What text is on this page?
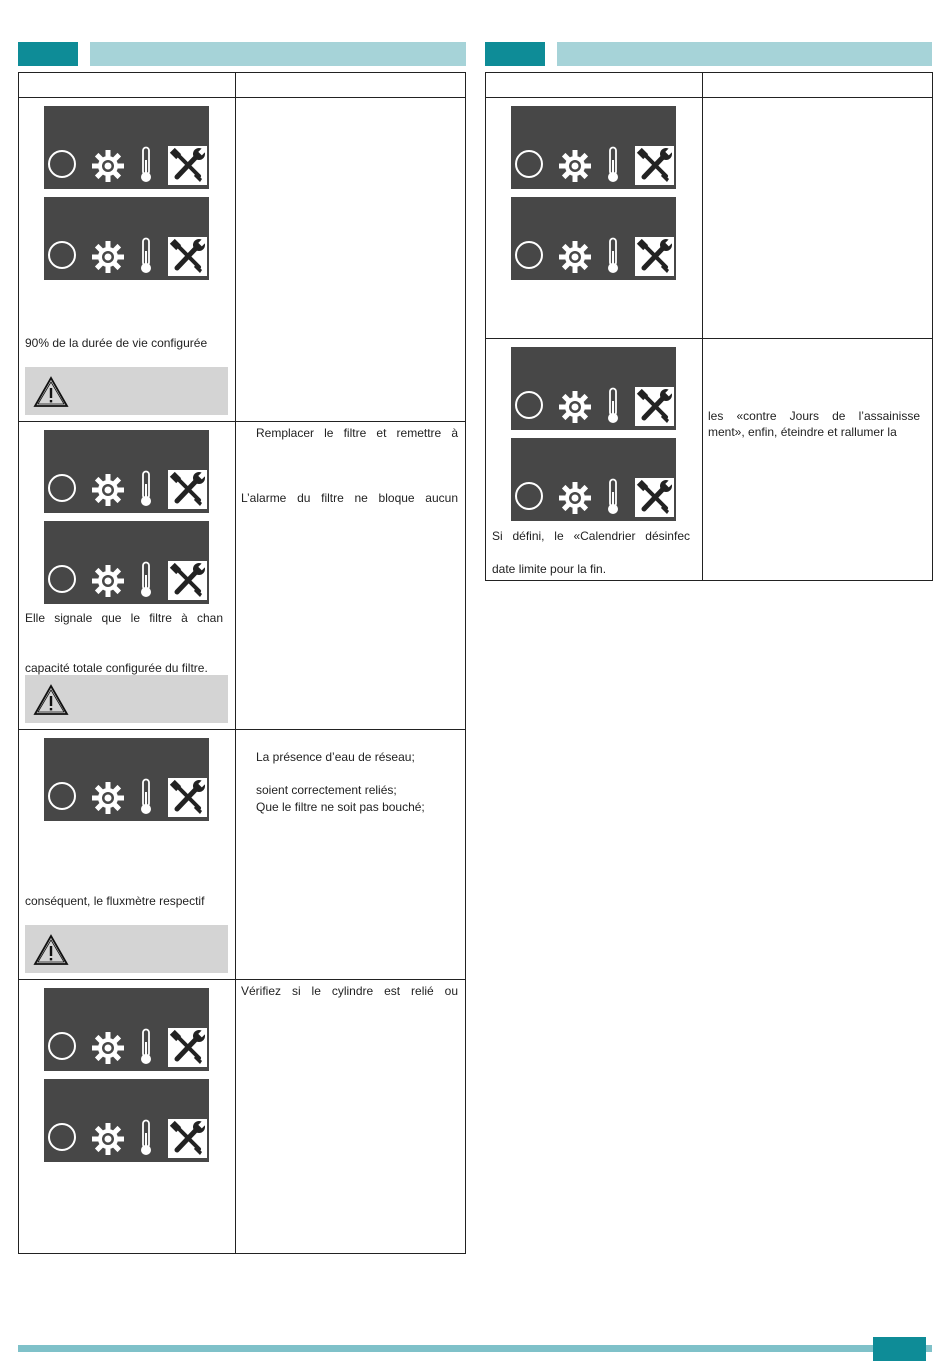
90% de la durée de vie configurée
Remplacer le filtre et remettre à
L’alarme du filtre ne bloque aucun
Elle signale que le filtre à chan
capacité totale configurée du filtre.
La présence d’eau de réseau;
soient correctement reliés;
Que le filtre ne soit pas bouché;
conséquent, le fluxmètre respectif
Vérifiez si le cylindre est relié ou
les «contre Jours de l’assainisse
ment», enfin, éteindre et rallumer la
Si défini, le «Calendrier désinfec
date limite pour la fin.
